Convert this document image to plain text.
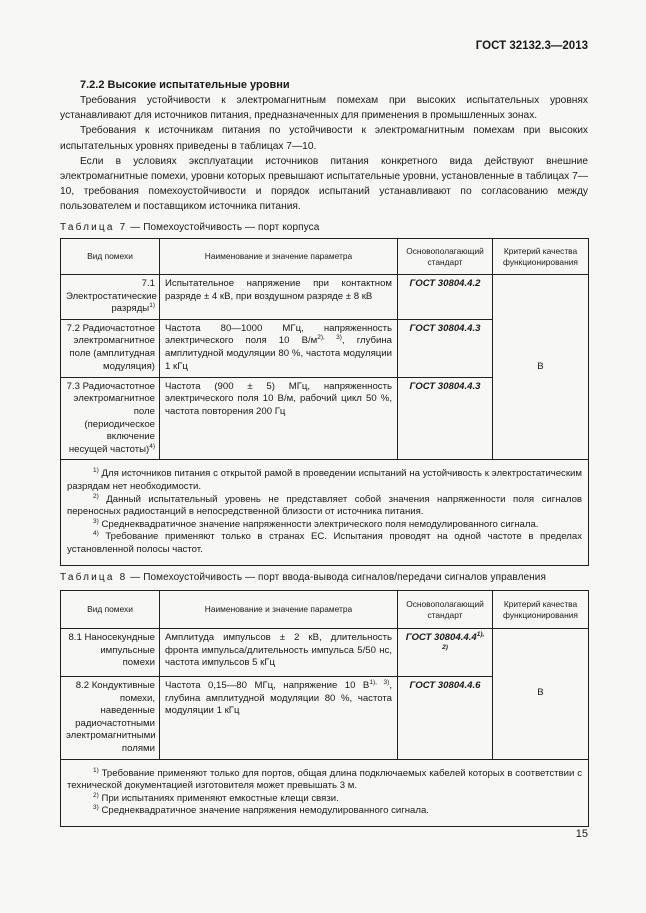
ГОСТ 32132.3—2013
7.2.2 Высокие испытательные уровни

Требования устойчивости к электромагнитным помехам при высоких испытательных уровнях устанавливают для источников питания, предназначенных для применения в промышленных зонах.

Требования к источникам питания по устойчивости к электромагнитным помехам при высоких испытательных уровнях приведены в таблицах 7—10.

Если в условиях эксплуатации источников питания конкретного вида действуют внешние электромагнитные помехи, уровни которых превышают испытательные уровни, установленные в таблицах 7—10, требования помехоустойчивости и порядок испытаний устанавливают по согласованию между пользователем и поставщиком источника питания.

Таблица 7 — Помехоустойчивость — порт корпуса
Вид помехи	Наименование и значение параметра	Основополагающий стандарт	Критерий качества функционирования
7.1 Электростатические разряды$^{1)}$	Испытательное напряжение при контактном разряде ± 4 кВ, при воздушном разряде ± 8 кВ	ГОСТ 30804.4.2	В
7.2 Радиочастотное электромагнитное поле (амплитудная модуляция)	Частота 80—1000 МГц, напряженность электрического поля 10 $В/м^{2), 3)}$, глубина амплитудной модуляции 80 %, частота модуляции 1 кГц	ГОСТ 30804.4.3	
7.3 Радиочастотное электромагнитное поле (периодическое включение несущей частоты)$^{4)}$	Частота (900 ± 5) МГц, напряженность электрического поля 10 В/м, рабочий цикл 50 %, частота повторения 200 Гц	ГОСТ 30804.4.3	

$^{1)}$ Для источников питания с открытой рамой в проведении испытаний на устойчивость к электростатическим разрядам нет необходимости.

$^{2)}$ Данный испытательный уровень не представляет собой значения напряженности поля сигналов переносных радиостанций в непосредственной близости от источника питания.

$^{3)}$ Среднеквадратичное значение напряженности электрического поля немодулированного сигнала.

$^{4)}$ Требование применяют только в странах ЕС. Испытания проводят на одной частоте в пределах установленной полосы частот.			

Таблица 8 — Помехоустойчивость — порт ввода-вывода сигналов/передачи сигналов управления
Вид помехи	Наименование и значение параметра	Основополагающий стандарт	Критерий качества функционирования
8.1 Наносекундные импульсные помехи	Амплитуда импульсов ± 2 кВ, длительность фронта импульса/длительность импульса 5/50 нс, частота импульсов 5 кГц	ГОСТ $30804.4.4^{1), 2)}$	В
8.2 Кондуктивные помехи, наведенные радиочастотными электромагнитными полями	Частота 0,15—80 МГц, напряжение 10 $В^{1), 3)}$, глубина амплитудной модуляции 80 %, частота модуляции 1 кГц	ГОСТ 30804.4.6	

$^{1)}$ Требование применяют только для портов, общая длина подключаемых кабелей которых в соответствии с технической документацией изготовителя может превышать 3 м.

$^{2)}$ При испытаниях применяют емкостные клещи связи.

$^{3)}$ Среднеквадратичное значение напряжения немодулированного сигнала.			

15
